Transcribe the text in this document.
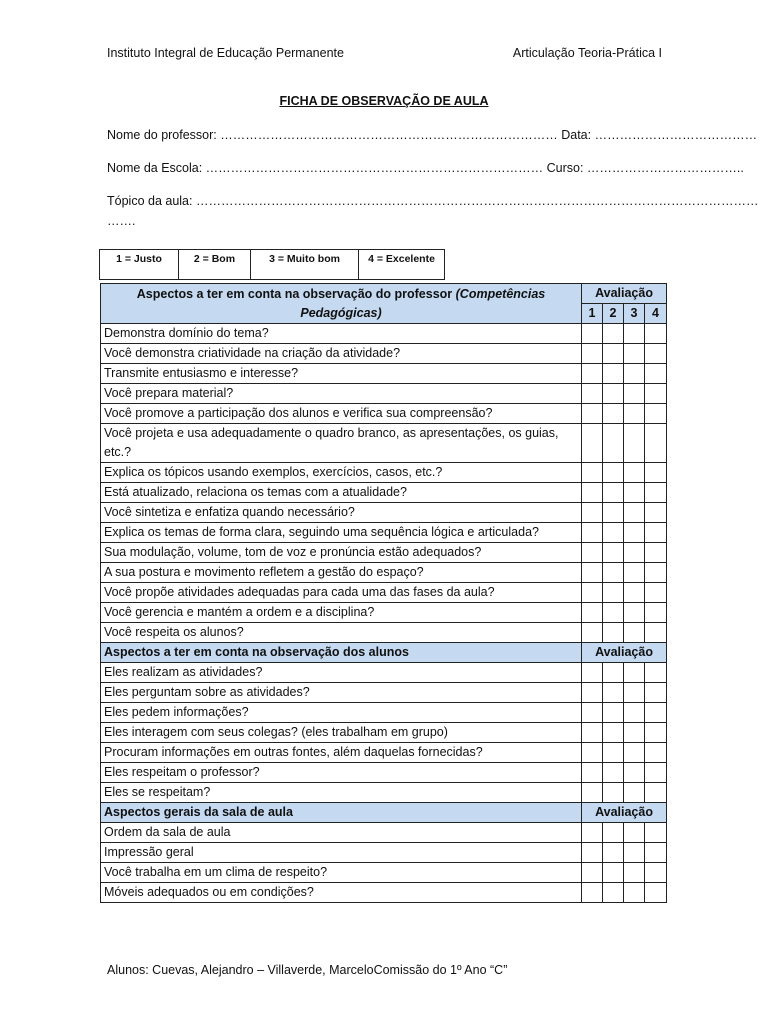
Instituto Integral de Educação Permanente	Articulação Teoria-Prática I
FICHA DE OBSERVAÇÃO DE AULA
Nome do professor: ……………………………………………………………………… Data: …………………………………
Nome da Escola: ……………………………………………………………………… Curso: ………………………………..
Tópico da aula: ………………………………………………………………………………………………………………………
…….
1 = Justo	2 = Bom	3 = Muito bom	4 = Excelente
Aspectos a ter em conta na observação do professor (Competências Pedagógicas)	Avaliação			
	1	2	3	4
Demonstra domínio do tema?				
Você demonstra criatividade na criação da atividade?				
Transmite entusiasmo e interesse?				
Você prepara material?				
Você promove a participação dos alunos e verifica sua compreensão?				
Você projeta e usa adequadamente o quadro branco, as apresentações, os guias, etc.?				
Explica os tópicos usando exemplos, exercícios, casos, etc.?				
Está atualizado, relaciona os temas com a atualidade?				
Você sintetiza e enfatiza quando necessário?				
Explica os temas de forma clara, seguindo uma sequência lógica e articulada?				
Sua modulação, volume, tom de voz e pronúncia estão adequados?				
A sua postura e movimento refletem a gestão do espaço?				
Você propõe atividades adequadas para cada uma das fases da aula?				
Você gerencia e mantém a ordem e a disciplina?				
Você respeita os alunos?				
Aspectos a ter em conta na observação dos alunos	Avaliação			
Eles realizam as atividades?				
Eles perguntam sobre as atividades?				
Eles pedem informações?				
Eles interagem com seus colegas? (eles trabalham em grupo)				
Procuram informações em outras fontes, além daquelas fornecidas?				
Eles respeitam o professor?				
Eles se respeitam?				
Aspectos gerais da sala de aula	Avaliação			
Ordem da sala de aula				
Impressão geral				
Você trabalha em um clima de respeito?				
Móveis adequados ou em condições?				
Alunos: Cuevas, Alejandro – Villaverde, MarceloComissão do 1º Ano “C”
